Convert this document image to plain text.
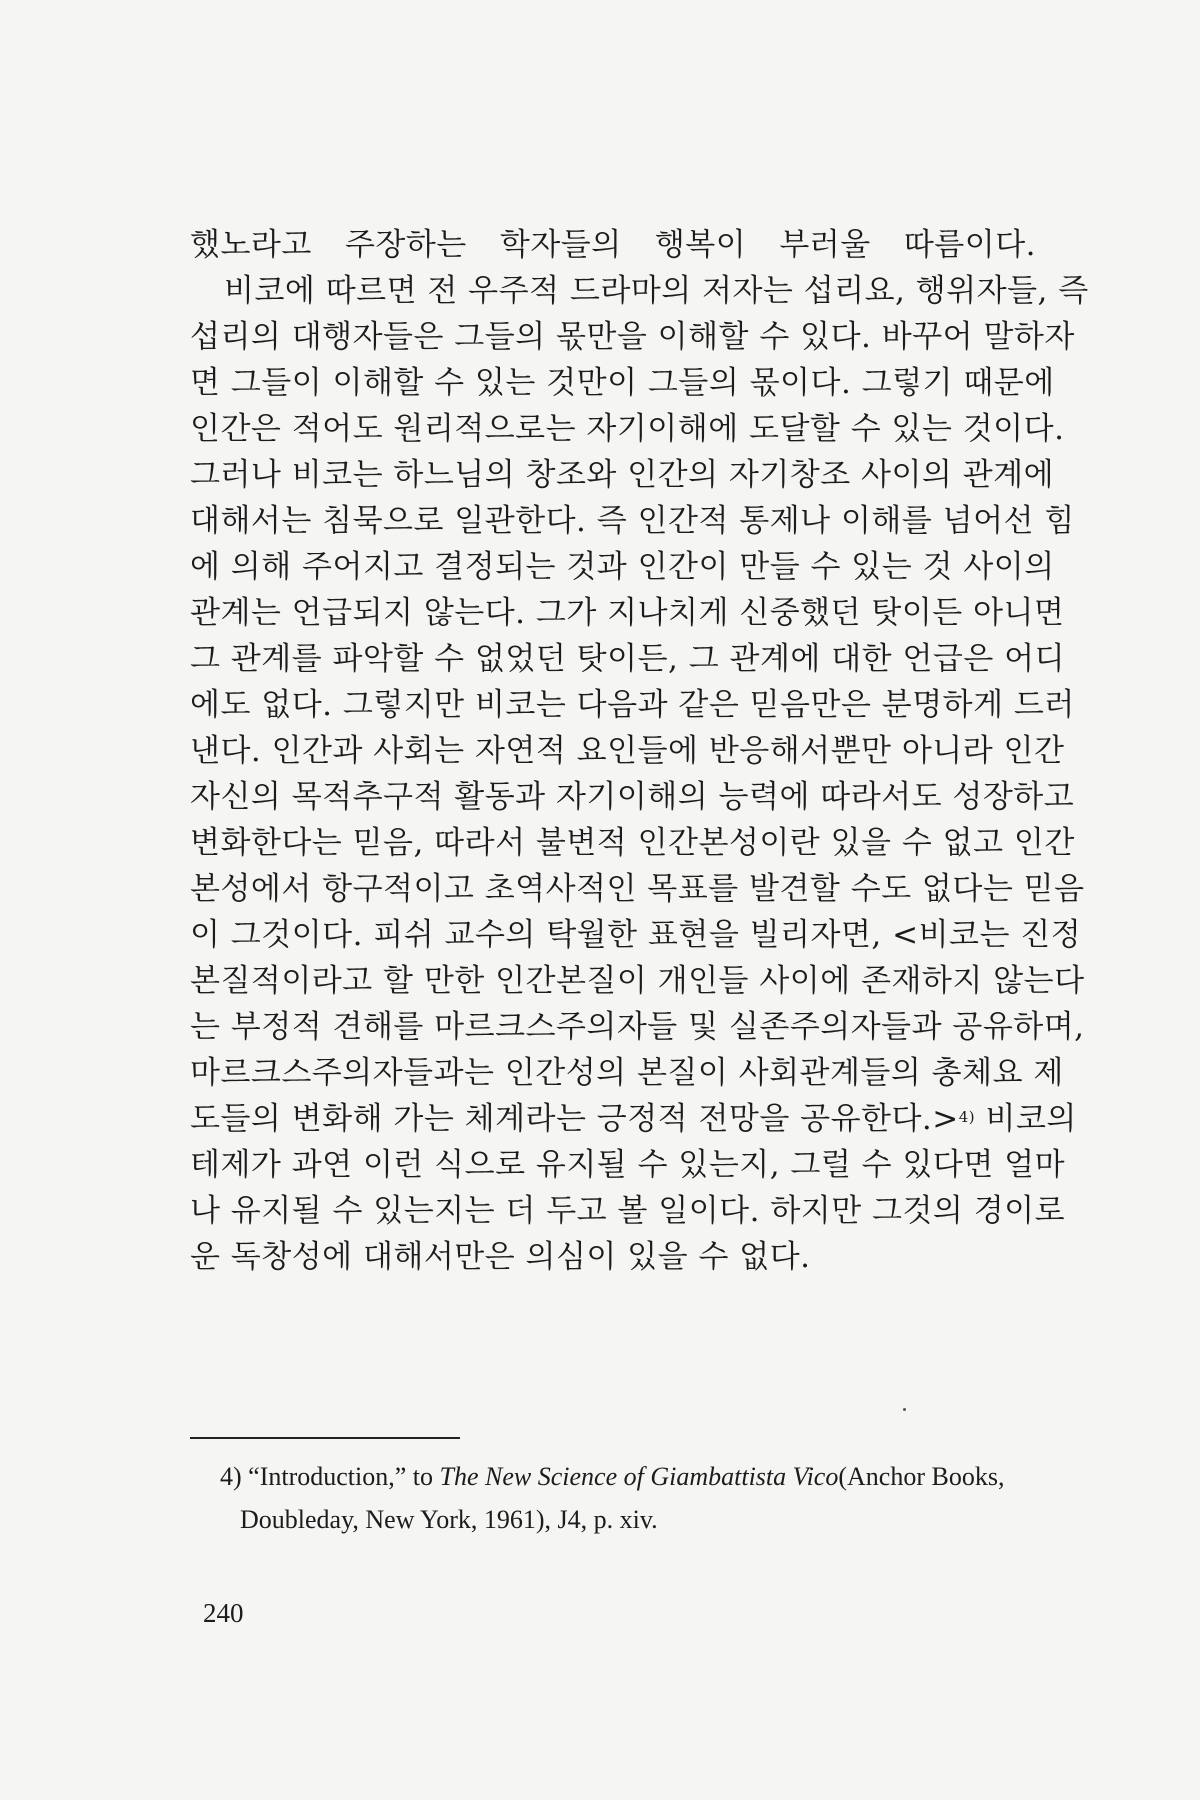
했노라고 주장하는 학자들의 행복이 부러울 따름이다.
비코에 따르면 전 우주적 드라마의 저자는 섭리요, 행위자들, 즉
섭리의 대행자들은 그들의 몫만을 이해할 수 있다. 바꾸어 말하자
면 그들이 이해할 수 있는 것만이 그들의 몫이다. 그렇기 때문에
인간은 적어도 원리적으로는 자기이해에 도달할 수 있는 것이다.
그러나 비코는 하느님의 창조와 인간의 자기창조 사이의 관계에
대해서는 침묵으로 일관한다. 즉 인간적 통제나 이해를 넘어선 힘
에 의해 주어지고 결정되는 것과 인간이 만들 수 있는 것 사이의
관계는 언급되지 않는다. 그가 지나치게 신중했던 탓이든 아니면
그 관계를 파악할 수 없었던 탓이든, 그 관계에 대한 언급은 어디
에도 없다. 그렇지만 비코는 다음과 같은 믿음만은 분명하게 드러
낸다. 인간과 사회는 자연적 요인들에 반응해서뿐만 아니라 인간
자신의 목적추구적 활동과 자기이해의 능력에 따라서도 성장하고
변화한다는 믿음, 따라서 불변적 인간본성이란 있을 수 없고 인간
본성에서 항구적이고 초역사적인 목표를 발견할 수도 없다는 믿음
이 그것이다. 피쉬 교수의 탁월한 표현을 빌리자면, <비코는 진정
본질적이라고 할 만한 인간본질이 개인들 사이에 존재하지 않는다
는 부정적 견해를 마르크스주의자들 및 실존주의자들과 공유하며,
마르크스주의자들과는 인간성의 본질이 사회관계들의 총체요 제
도들의 변화해 가는 체계라는 긍정적 전망을 공유한다.>$^{4)}$ 비코의
테제가 과연 이런 식으로 유지될 수 있는지, 그럴 수 있다면 얼마
나 유지될 수 있는지는 더 두고 볼 일이다. 하지만 그것의 경이로
운 독창성에 대해서만은 의심이 있을 수 없다.
4) “Introduction,” to The New Science of Giambattista Vico(Anchor Books,
Doubleday, New York, 1961), J4, p. xiv.
240
